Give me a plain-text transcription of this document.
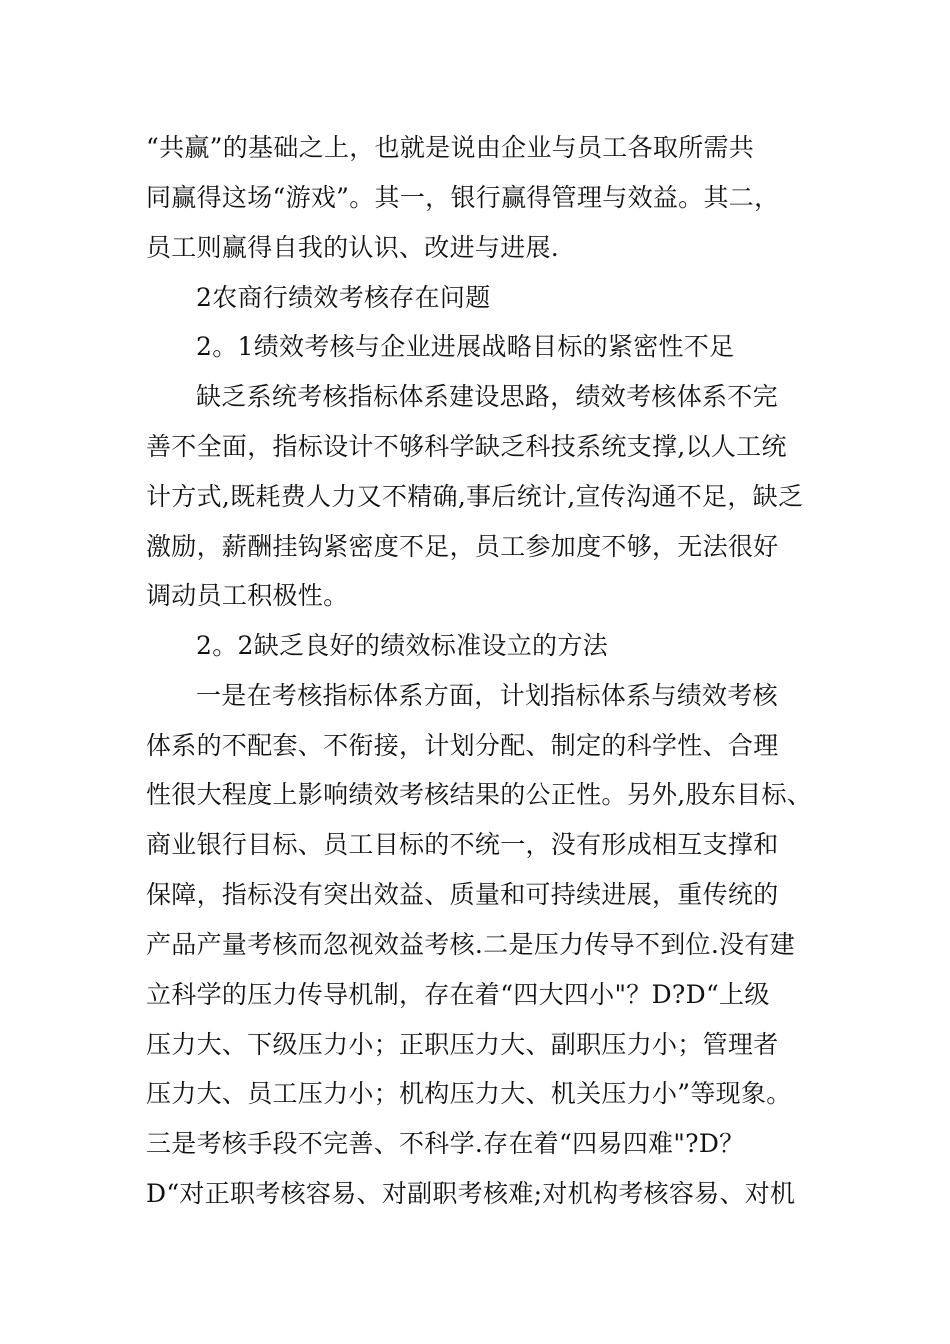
“共赢”的基础之上，也就是说由企业与员工各取所需共
同赢得这场“游戏”。其一，银行赢得管理与效益。其二，
员工则赢得自我的认识、改进与进展.
2农商行绩效考核存在问题
2。1绩效考核与企业进展战略目标的紧密性不足
缺乏系统考核指标体系建设思路，绩效考核体系不完
善不全面，指标设计不够科学缺乏科技系统支撑,以人工统
计方式,既耗费人力又不精确,事后统计,宣传沟通不足，缺乏
激励，薪酬挂钩紧密度不足，员工参加度不够，无法很好
调动员工积极性。
2。2缺乏良好的绩效标准设立的方法
一是在考核指标体系方面，计划指标体系与绩效考核
体系的不配套、不衔接，计划分配、制定的科学性、合理
性很大程度上影响绩效考核结果的公正性。另外,股东目标、
商业银行目标、员工目标的不统一，没有形成相互支撑和
保障，指标没有突出效益、质量和可持续进展，重传统的
产品产量考核而忽视效益考核.二是压力传导不到位.没有建
立科学的压力传导机制，存在着“四大四小"？D?D“上级
压力大、下级压力小；正职压力大、副职压力小；管理者
压力大、员工压力小；机构压力大、机关压力小”等现象。
三是考核手段不完善、不科学.存在着“四易四难"?D？
D“对正职考核容易、对副职考核难;对机构考核容易、对机
